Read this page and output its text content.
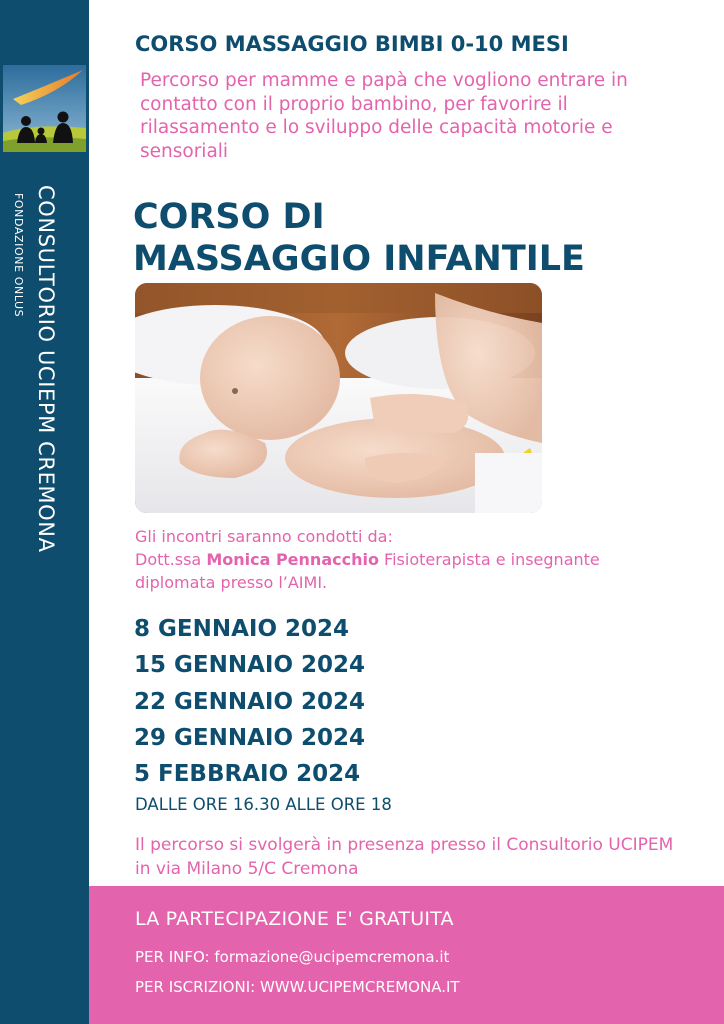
CONSULTORIO UCIEPM CREMONA
FONDAZIONE ONLUS
CORSO MASSAGGIO BIMBI 0-10 MESI
Percorso per mamme e papà che vogliono entrare in contatto con il proprio bambino, per favorire il rilassamento e lo sviluppo delle capacità motorie e sensoriali
CORSO DI
MASSAGGIO INFANTILE
Gli incontri saranno condotti da:
Dott.ssa Monica Pennacchio Fisioterapista e insegnante diplomata presso l’AIMI.
8 GENNAIO 2024
15 GENNAIO 2024
22 GENNAIO 2024
29 GENNAIO 2024
5 FEBBRAIO 2024
DALLE ORE 16.30 ALLE ORE 18
Il percorso si svolgerà in presenza presso il Consultorio UCIPEM in via Milano 5/C Cremona
LA PARTECIPAZIONE E' GRATUITA
PER INFO: formazione@ucipemcremona.it
PER ISCRIZIONI: WWW.UCIPEMCREMONA.IT
